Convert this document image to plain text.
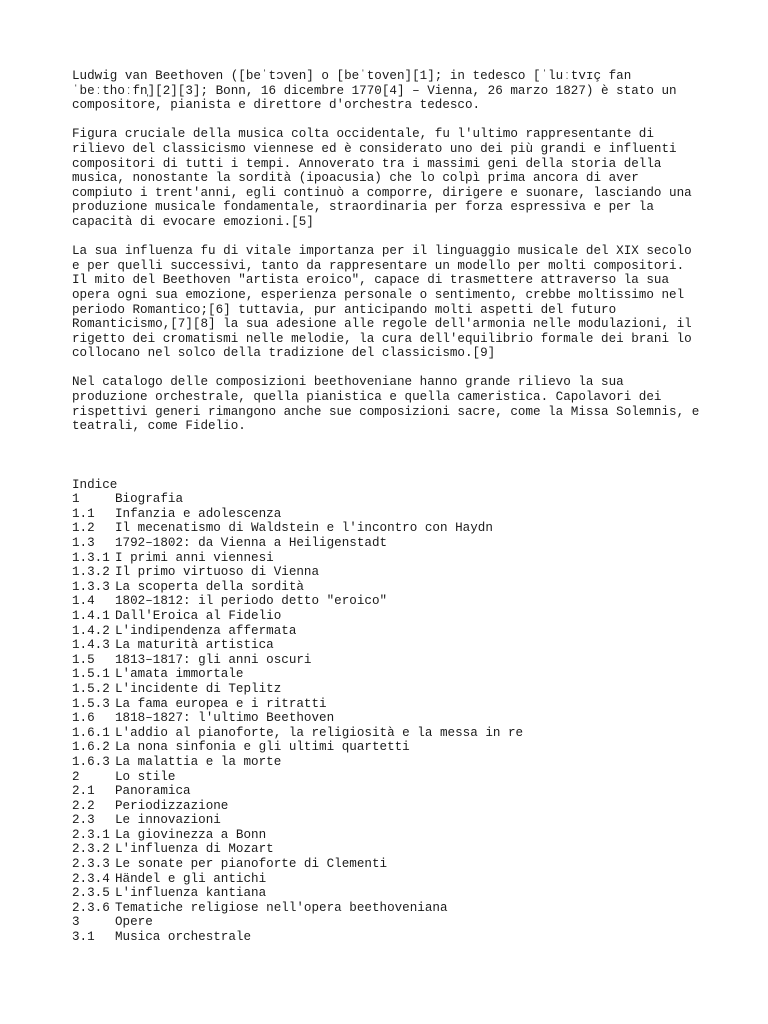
Ludwig van Beethoven ([beˈtɔven] o [beˈtoven][1]; in tedesco [ˈluːtvɪç fan
ˈbeːthoːfn̩][2][3]; Bonn, 16 dicembre 1770[4] – Vienna, 26 marzo 1827) è stato un
compositore, pianista e direttore d'orchestra tedesco.
Figura cruciale della musica colta occidentale, fu l'ultimo rappresentante di
rilievo del classicismo viennese ed è considerato uno dei più grandi e influenti
compositori di tutti i tempi. Annoverato tra i massimi geni della storia della
musica, nonostante la sordità (ipoacusia) che lo colpì prima ancora di aver
compiuto i trent'anni, egli continuò a comporre, dirigere e suonare, lasciando una
produzione musicale fondamentale, straordinaria per forza espressiva e per la
capacità di evocare emozioni.[5]
La sua influenza fu di vitale importanza per il linguaggio musicale del XIX secolo
e per quelli successivi, tanto da rappresentare un modello per molti compositori.
Il mito del Beethoven "artista eroico", capace di trasmettere attraverso la sua
opera ogni sua emozione, esperienza personale o sentimento, crebbe moltissimo nel
periodo Romantico;[6] tuttavia, pur anticipando molti aspetti del futuro
Romanticismo,[7][8] la sua adesione alle regole dell'armonia nelle modulazioni, il
rigetto dei cromatismi nelle melodie, la cura dell'equilibrio formale dei brani lo
collocano nel solco della tradizione del classicismo.[9]
Nel catalogo delle composizioni beethoveniane hanno grande rilievo la sua
produzione orchestrale, quella pianistica e quella cameristica. Capolavori dei
rispettivi generi rimangono anche sue composizioni sacre, come la Missa Solemnis, e
teatrali, come Fidelio.
Indice
1	Biografia
1.1 Infanzia e adolescenza
1.2 Il mecenatismo di Waldstein e l'incontro con Haydn
1.3 1792–1802: da Vienna a Heiligenstadt
1.3.1 I primi anni viennesi
1.3.2 Il primo virtuoso di Vienna
1.3.3 La scoperta della sordità
1.4 1802–1812: il periodo detto "eroico"
1.4.1 Dall'Eroica al Fidelio
1.4.2 L'indipendenza affermata
1.4.3 La maturità artistica
1.5 1813–1817: gli anni oscuri
1.5.1 L'amata immortale
1.5.2 L'incidente di Teplitz
1.5.3 La fama europea e i ritratti
1.6 1818–1827: l'ultimo Beethoven
1.6.1 L'addio al pianoforte, la religiosità e la messa in re
1.6.2 La nona sinfonia e gli ultimi quartetti
1.6.3 La malattia e la morte
2	Lo stile
2.1 Panoramica
2.2 Periodizzazione
2.3 Le innovazioni
2.3.1 La giovinezza a Bonn
2.3.2 L'influenza di Mozart
2.3.3 Le sonate per pianoforte di Clementi
2.3.4 Händel e gli antichi
2.3.5 L'influenza kantiana
2.3.6 Tematiche religiose nell'opera beethoveniana
3	Opere
3.1 Musica orchestrale
